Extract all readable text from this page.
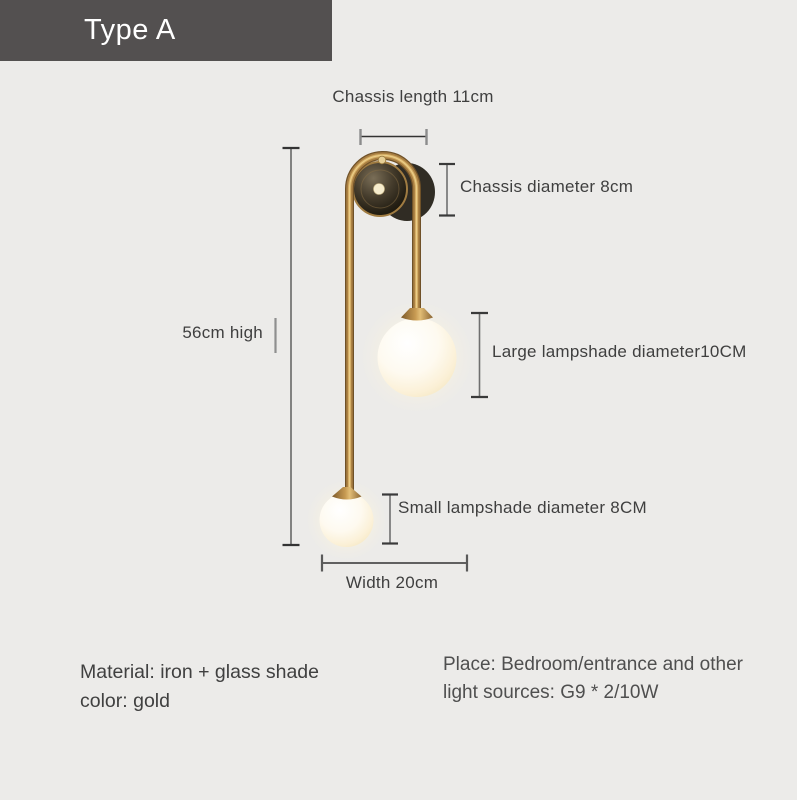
Type A
Chassis length 11cm
Chassis diameter 8cm
56cm high
Large lampshade diameter10CM
Small lampshade diameter 8CM
Width 20cm
Material: iron + glass shade
color: gold
Place: Bedroom/entrance and other
light sources: G9 * 2/10W
